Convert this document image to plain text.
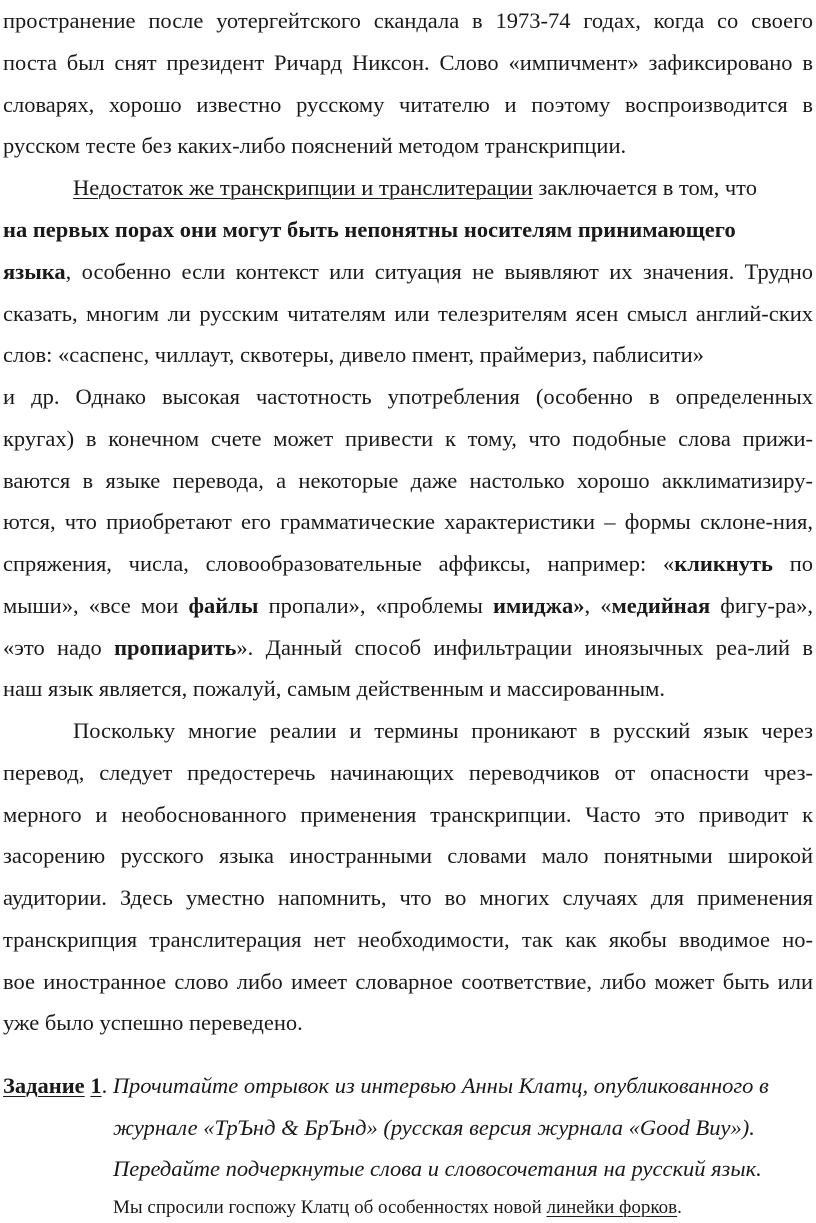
пространение после уотергейтского скандала в 1973-74 годах, когда со своего
поста был снят президент Ричард Никсон. Слово «импичмент» зафиксировано в
словарях, хорошо известно русскому читателю и поэтому воспроизводится в
русском тесте без каких-либо пояснений методом транскрипции.
Недостаток же транскрипции и транслитерации заключается в том, что
на первых порах они могут быть непонятны носителям принимающего
языка, особенно если контекст или ситуация не выявляют их значения. Трудно
сказать, многим ли русским читателям или телезрителям ясен смысл англий-ских
слов: «саспенс, чиллаут, сквотеры, дивело пмент, праймериз, паблисити»
и др. Однако высокая частотность употребления (особенно в определенных
кругах) в конечном счете может привести к тому, что подобные слова прижи-
ваются в языке перевода, а некоторые даже настолько хорошо акклиматизиру-
ются, что приобретают его грамматические характеристики – формы склоне-ния,
спряжения, числа, словообразовательные аффиксы, например: «кликнуть по
мыши», «все мои файлы пропали», «проблемы имиджа», «медийная фигу-ра»,
«это надо пропиарить». Данный способ инфильтрации иноязычных реа-лий в
наш язык является, пожалуй, самым действенным и массированным.
Поскольку многие реалии и термины проникают в русский язык через
перевод, следует предостеречь начинающих переводчиков от опасности чрез-
мерного и необоснованного применения транскрипции. Часто это приводит к
засорению русского языка иностранными словами мало понятными широкой
аудитории. Здесь уместно напомнить, что во многих случаях для применения
транскрипция транслитерация нет необходимости, так как якобы вводимое но-
вое иностранное слово либо имеет словарное соответствие, либо может быть или
уже было успешно переведено.
Задание 1. Прочитайте отрывок из интервью Анны Клатц, опубликованного в
журнале «ТрЪнд & БрЪнд» (русская версия журнала «Good Buy»).
Передайте подчеркнутые слова и словосочетания на русский язык.
Мы спросили госпожу Клатц об особенностях новой линейки форков.
